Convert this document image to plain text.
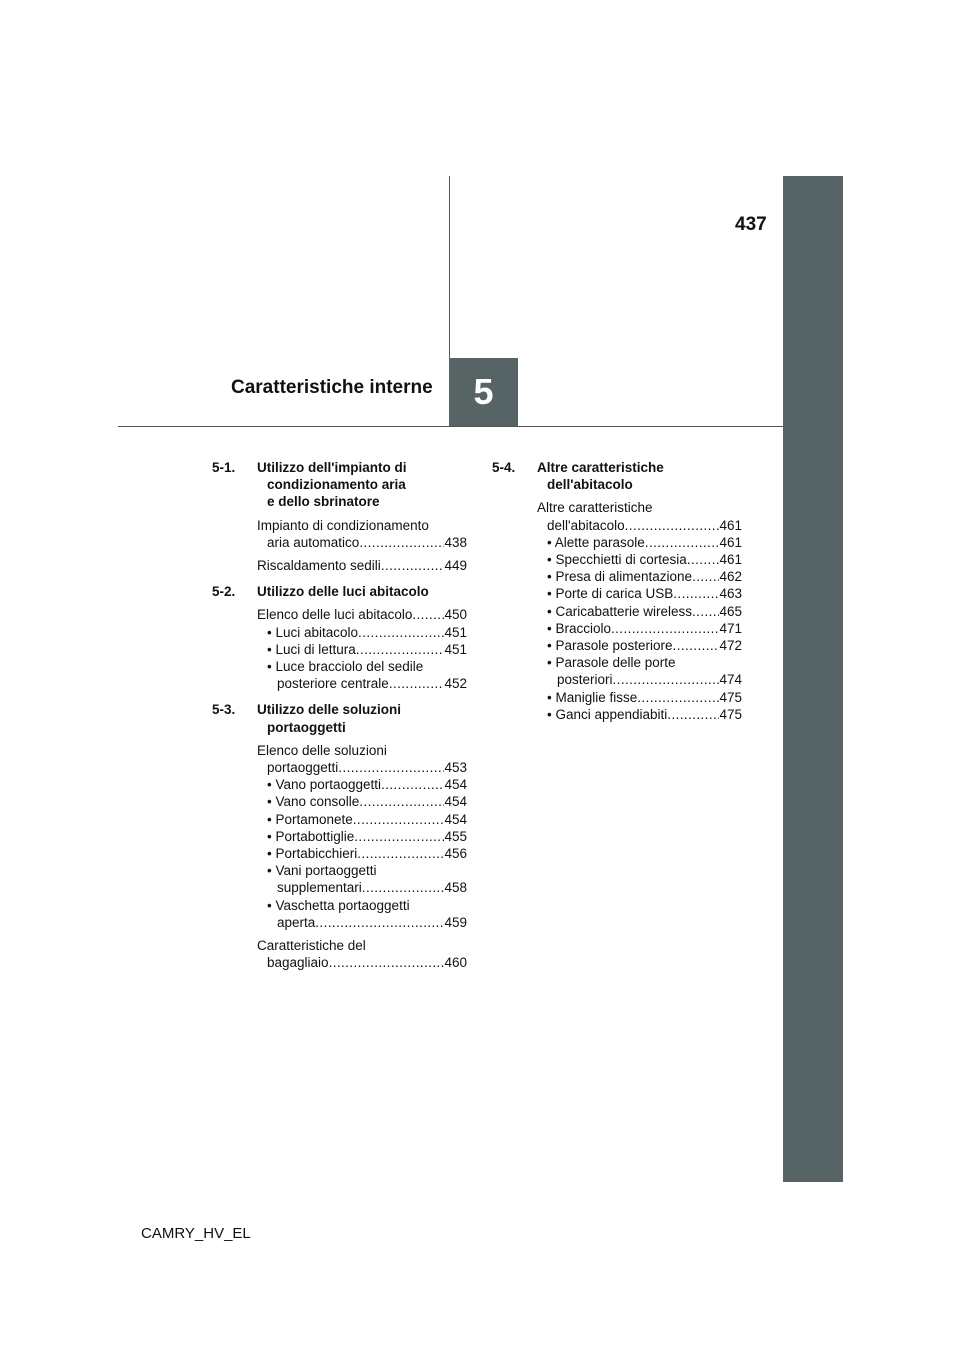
437
5
Caratteristiche interne
5-1. Utilizzo dell'impianto di
condizionamento aria
e dello sbrinatore
Impianto di condizionamento
aria automatico .....	438
Riscaldamento sedili .....	449
5-2. Utilizzo delle luci abitacolo
Elenco delle luci abitacolo ..... 450
• Luci abitacolo .....	451
• Luci di lettura .....	451
• Luce bracciolo del sedile
posteriore centrale .....	452
5-3. Utilizzo delle soluzioni
portaoggetti
Elenco delle soluzioni
portaoggetti .....	453
• Vano portaoggetti .....	454
• Vano consolle .....	454
• Portamonete .....	454
• Portabottiglie .....	455
• Portabicchieri .....	456
• Vani portaoggetti
supplementari .....	458
• Vaschetta portaoggetti
aperta .....	459
Caratteristiche del
bagagliaio .....	460
5-4. Altre caratteristiche
dell'abitacolo
Altre caratteristiche
dell'abitacolo .....	461
• Alette parasole .....	461
• Specchietti di cortesia ..... 461
• Presa di alimentazione ..... 462
• Porte di carica USB .....	463
• Caricabatterie wireless ..... 465
• Bracciolo .....	471
• Parasole posteriore .....	472
• Parasole delle porte
posteriori .....	474
• Maniglie fisse .....	475
• Ganci appendiabiti .....	475
CAMRY_HV_EL
